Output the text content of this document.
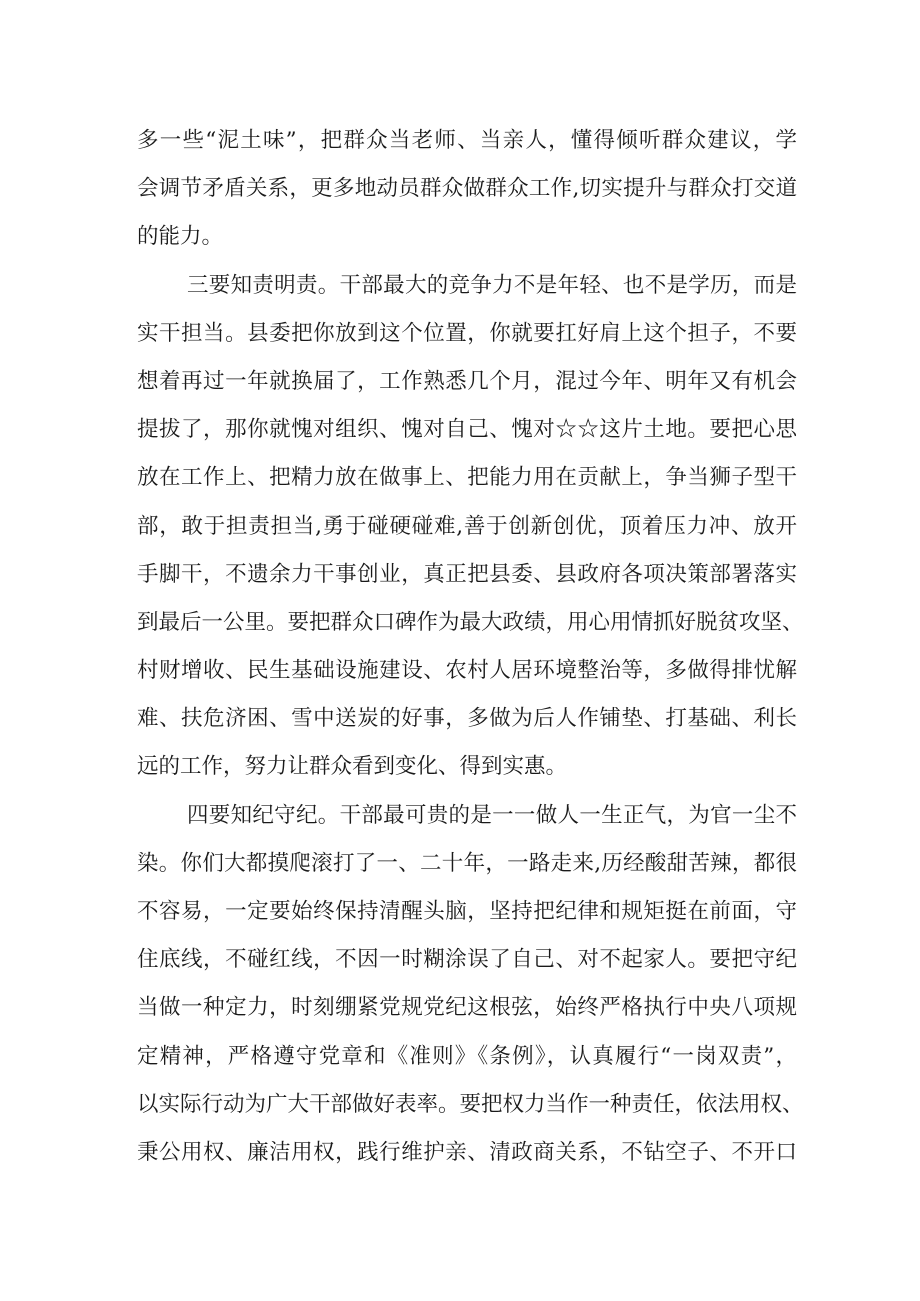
多一些“泥土味”，把群众当老师、当亲人，懂得倾听群众建议，学
会调节矛盾关系，更多地动员群众做群众工作,切实提升与群众打交道
的能力。
三要知责明责。干部最大的竞争力不是年轻、也不是学历，而是
实干担当。县委把你放到这个位置，你就要扛好肩上这个担子，不要
想着再过一年就换届了，工作熟悉几个月，混过今年、明年又有机会
提拔了，那你就愧对组织、愧对自己、愧对☆☆这片土地。要把心思
放在工作上、把精力放在做事上、把能力用在贡献上，争当狮子型干
部，敢于担责担当,勇于碰硬碰难,善于创新创优，顶着压力冲、放开
手脚干，不遗余力干事创业，真正把县委、县政府各项决策部署落实
到最后一公里。要把群众口碑作为最大政绩，用心用情抓好脱贫攻坚、
村财增收、民生基础设施建设、农村人居环境整治等，多做得排忧解
难、扶危济困、雪中送炭的好事，多做为后人作铺垫、打基础、利长
远的工作，努力让群众看到变化、得到实惠。
四要知纪守纪。干部最可贵的是一一做人一生正气，为官一尘不
染。你们大都摸爬滚打了一、二十年，一路走来,历经酸甜苦辣，都很
不容易，一定要始终保持清醒头脑，坚持把纪律和规矩挺在前面，守
住底线，不碰红线，不因一时糊涂误了自己、对不起家人。要把守纪
当做一种定力，时刻绷紧党规党纪这根弦，始终严格执行中央八项规
定精神，严格遵守党章和《准则》《条例》，认真履行“一岗双责”，
以实际行动为广大干部做好表率。要把权力当作一种责任，依法用权、
秉公用权、廉洁用权，践行维护亲、清政商关系，不钻空子、不开口
